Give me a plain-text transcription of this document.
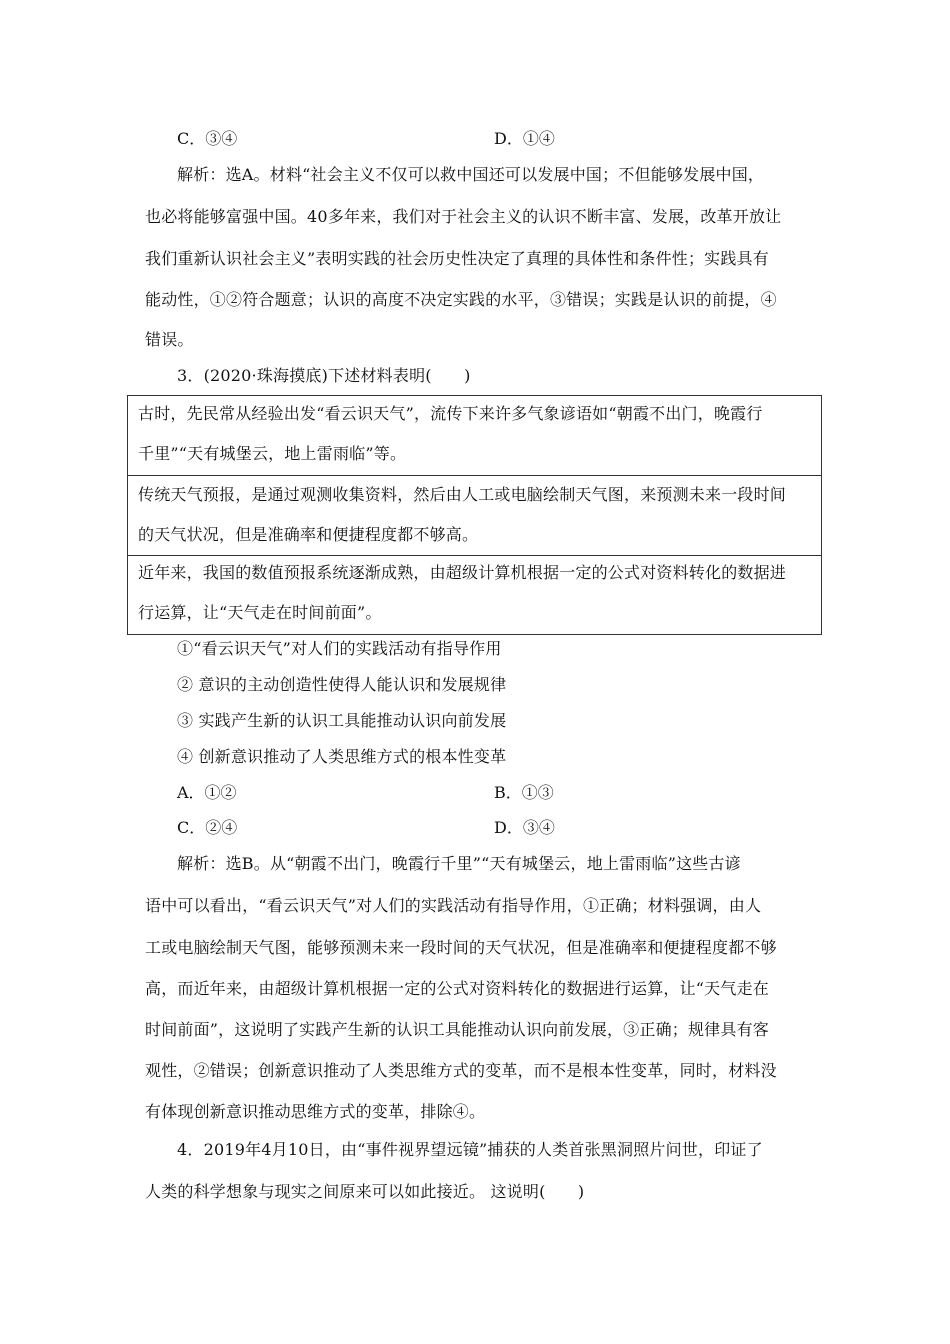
C．③④	D．①④
解析：选A。材料“社会主义不仅可以救中国还可以发展中国；不但能够发展中国，
也必将能够富强中国。40多年来，我们对于社会主义的认识不断丰富、发展，改革开放让
我们重新认识社会主义”表明实践的社会历史性决定了真理的具体性和条件性；实践具有
能动性，①②符合题意；认识的高度不决定实践的水平，③错误；实践是认识的前提，④
错误。
3．(2020·珠海摸底)下述材料表明(　　)
古时，先民常从经验出发“看云识天气”，流传下来许多气象谚语如“朝霞不出门，晚霞行
千里”“天有城堡云，地上雷雨临”等。
传统天气预报，是通过观测收集资料，然后由人工或电脑绘制天气图，来预测未来一段时间
的天气状况，但是准确率和便捷程度都不够高。
近年来，我国的数值预报系统逐渐成熟，由超级计算机根据一定的公式对资料转化的数据进
行运算，让“天气走在时间前面”。
①“看云识天气”对人们的实践活动有指导作用
② 意识的主动创造性使得人能认识和发展规律
③ 实践产生新的认识工具能推动认识向前发展
④ 创新意识推动了人类思维方式的根本性变革
A．①②	B．①③
C．②④	D．③④
解析：选B。从“朝霞不出门，晚霞行千里”“天有城堡云，地上雷雨临”这些古谚
语中可以看出，“看云识天气”对人们的实践活动有指导作用，①正确；材料强调，由人
工或电脑绘制天气图，能够预测未来一段时间的天气状况，但是准确率和便捷程度都不够
高，而近年来，由超级计算机根据一定的公式对资料转化的数据进行运算，让“天气走在
时间前面”，这说明了实践产生新的认识工具能推动认识向前发展，③正确；规律具有客
观性，②错误；创新意识推动了人类思维方式的变革，而不是根本性变革，同时，材料没
有体现创新意识推动思维方式的变革，排除④。
4．2019年4月10日，由“事件视界望远镜”捕获的人类首张黑洞照片问世，印证了
人类的科学想象与现实之间原来可以如此接近。 这说明(　　)
